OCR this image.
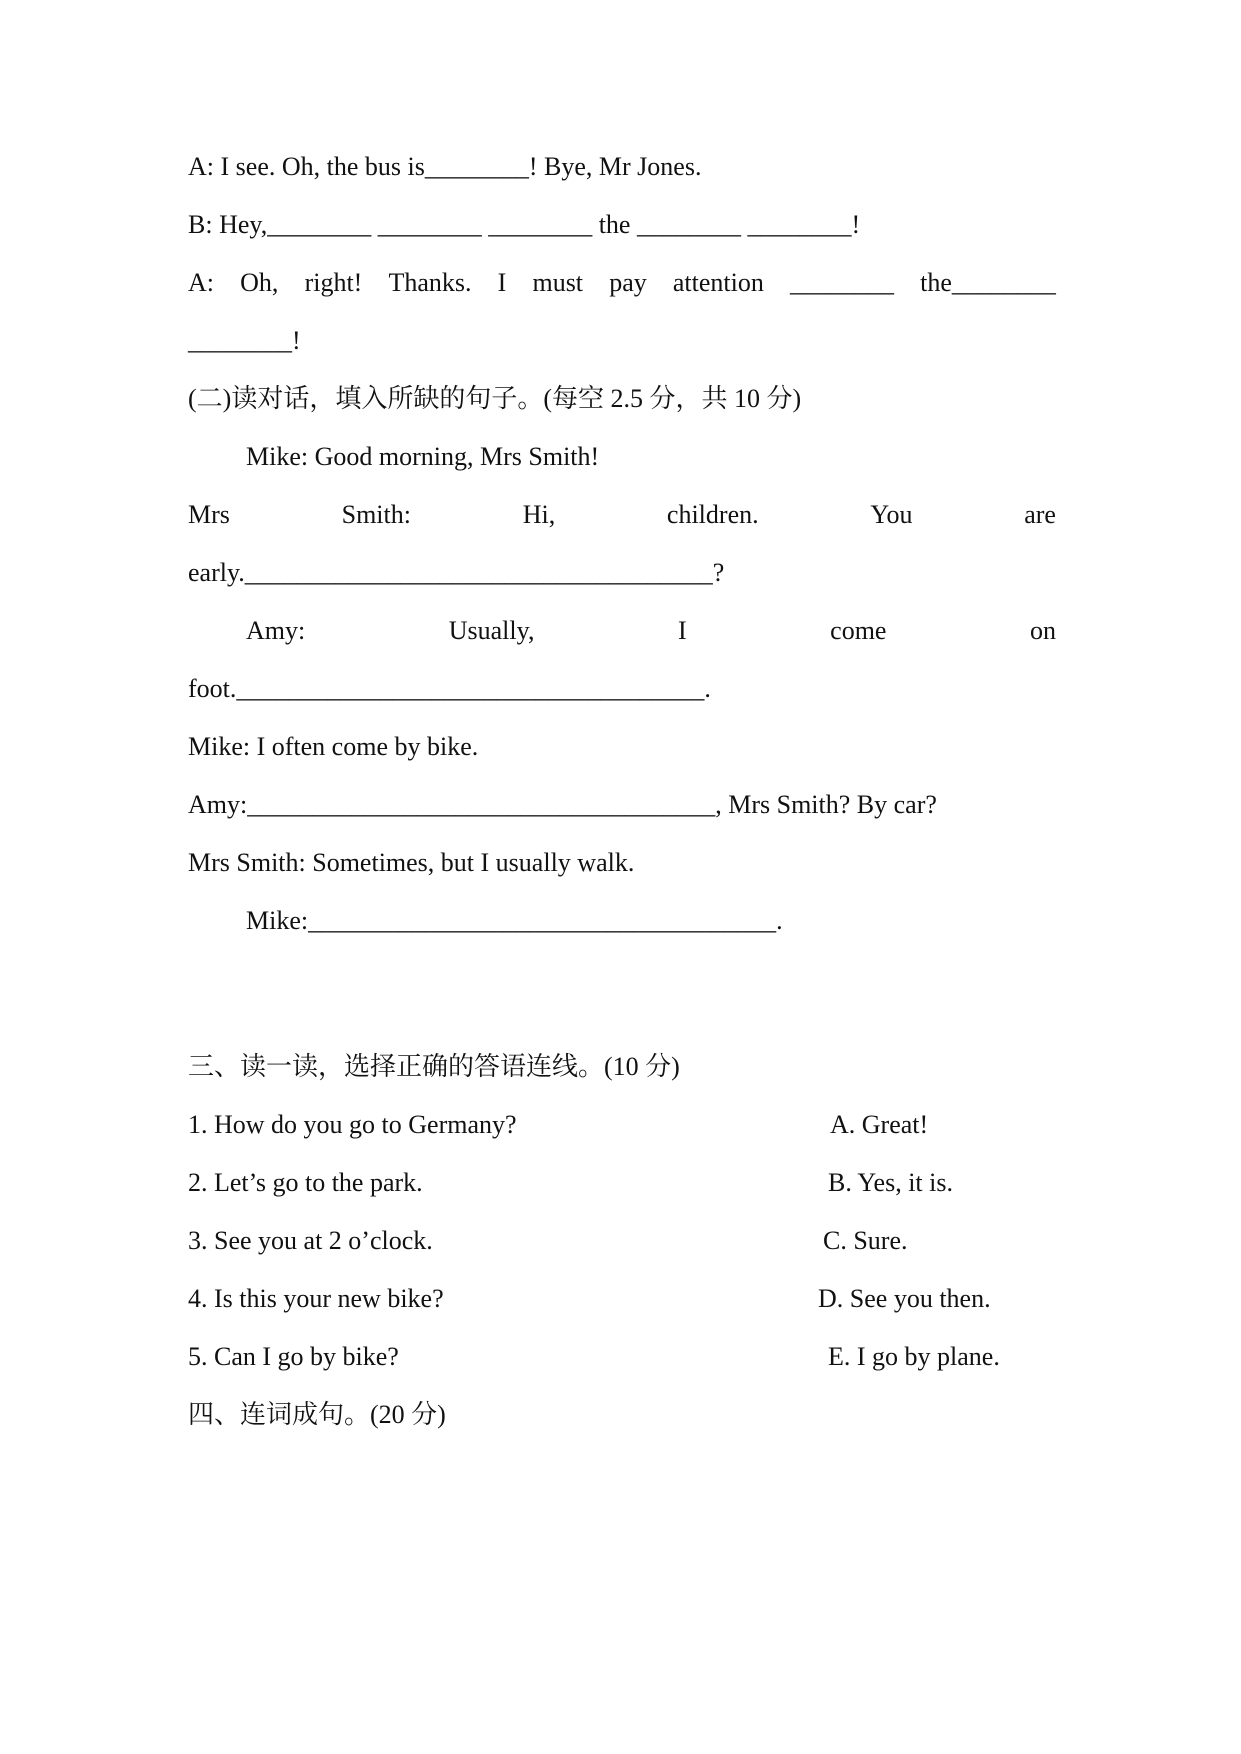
A: I see. Oh, the bus is________! Bye, Mr Jones.
B: Hey,________ ________ ________ the ________ ________!
A: Oh, right! Thanks. I must pay attention ________ the________
________!
(二)读对话，填入所缺的句子。(每空 2.5 分，共 10 分)
Mike: Good morning, Mrs Smith!
Mrs	Smith:	Hi,	children.	You	are
early.____________________________________?
Amy:	Usually,	I	come	on
foot.____________________________________.
Mike: I often come by bike.
Amy:____________________________________, Mrs Smith? By car?
Mrs Smith: Sometimes, but I usually walk.
Mike:____________________________________.
三、读一读，选择正确的答语连线。(10 分)
1. How do you go to Germany?
2. Let’s go to the park.
3. See you at 2 o’clock.
4. Is this your new bike?
5. Can I go by bike?
A. Great!
B. Yes, it is.
C. Sure.
D. See you then.
E. I go by plane.
四、连词成句。(20 分)
